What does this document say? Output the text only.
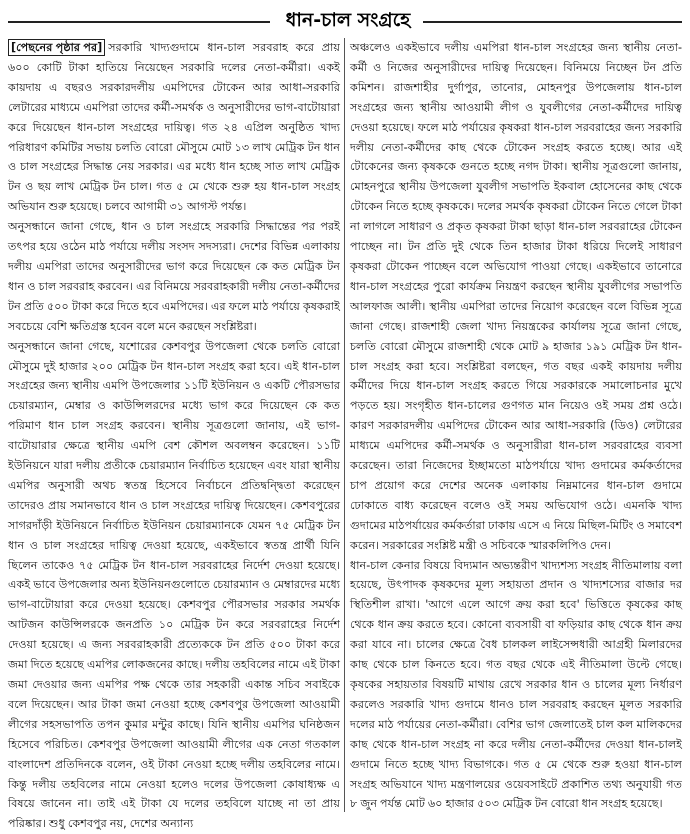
ধান-চাল সংগ্রহে

[পেছনের পৃষ্ঠার পর] সরকারি খাদ্যগুদামে ধান-চাল সরবরাহ করে প্রায় ৬০০ কোটি টাকা হাতিয়ে নিয়েছেন সরকারি দলের নেতা-কর্মীরা। একই কায়দায় এ বছরও সরকারদলীয় এমপিদের টোকেন আর আধা-সরকারি লেটারের মাধ্যমে এমপিরা তাদের কর্মী-সমর্থক ও অনুসারীদের ভাগ-বাটোয়ারা করে দিয়েছেন ধান-চাল সংগ্রহের দায়িত্ব। গত ২৪ এপ্রিল অনুষ্ঠিত খাদ্য পরিধারণ কমিটির সভায় চলতি বোরো মৌসুমে মোট ১৩ লাখ মেট্রিক টন ধান ও চাল সংগ্রহের সিদ্ধান্ত নেয় সরকার। এর মধ্যে ধান হচ্ছে সাত লাখ মেট্রিক টন ও ছয় লাখ মেট্রিক টন চাল। গত ৫ মে থেকে শুরু হয় ধান-চাল সংগ্রহ অভিযান শুরু হয়েছে। চলবে আগামী ৩১ আগস্ট পর্যন্ত।

অনুসন্ধানে জানা গেছে, ধান ও চাল সংগ্রহে সরকারি সিদ্ধান্তের পর পরই তৎপর হয়ে ওঠেন মাঠ পর্যায়ে দলীয় সংসদ সদস্যরা। দেশের বিভিন্ন এলাকায় দলীয় এমপিরা তাদের অনুসারীদের ভাগ করে দিয়েছেন কে কত মেট্রিক টন ধান ও চাল সরবরাহ করবেন। এর বিনিময়ে সরবরাহকারী দলীয় নেতা-কর্মীদের টন প্রতি ৫০০ টাকা করে দিতে হবে এমপিদের। এর ফলে মাঠ পর্যায়ে কৃষকরাই সবচেয়ে বেশি ক্ষতিগ্রস্ত হবেন বলে মনে করছেন সংশ্লিষ্টরা।

অনুসন্ধানে জানা গেছে, যশোরের কেশবপুর উপজেলা থেকে চলতি বোরো মৌসুমে দুই হাজার ২০০ মেট্রিক টন ধান-চাল সংগ্রহ করা হবে। এই ধান-চাল সংগ্রহের জন্য স্থানীয় এমপি উপজেলার ১১টি ইউনিয়ন ও একটি পৌরসভার চেয়ারম্যান, মেম্বার ও কাউন্সিলরদের মধ্যে ভাগ করে দিয়েছেন কে কত পরিমাণ ধান চাল সংগ্রহ করবেন। স্থানীয় সূত্রগুলো জানায়, এই ভাগ-বাটোয়ারার ক্ষেত্রে স্থানীয় এমপি বেশ কৌশল অবলম্বন করেছেন। ১১টি ইউনিয়নে যারা দলীয় প্রতীকে চেয়ারম্যান নির্বাচিত হয়েছেন এবং যারা স্থানীয় এমপির অনুসারী অথচ স্বতন্ত্র হিসেবে নির্বাচনে প্রতিদ্বন্দ্বিতা করেছেন তাদেরও প্রায় সমানভাবে ধান ও চাল সংগ্রহের দায়িত্ব দিয়েছেন। কেশবপুরের সাগরদাঁড়ী ইউনিয়নে নির্বাচিত ইউনিয়ন চেয়ারম্যানকে যেমন ৭৫ মেট্রিক টন ধান ও চাল সংগ্রহের দায়িত্ব দেওয়া হয়েছে, একইভাবে স্বতন্ত্র প্রার্থী যিনি ছিলেন তাকেও ৭৫ মেট্রিক টন ধান-চাল সরবরাহের নির্দেশ দেওয়া হয়েছে। একই ভাবে উপজেলার অন্য ইউনিয়নগুলোতে চেয়ারম্যান ও মেম্বারদের মধ্যে ভাগ-বাটোয়ারা করে দেওয়া হয়েছে। কেশবপুর পৌরসভার সরকার সমর্থক আটজন কাউন্সিলরকে জনপ্রতি ১০ মেট্রিক টন করে সরবরাহের নির্দেশ দেওয়া হয়েছে। এ জন্য সরবরাহকারী প্রত্যেককে টন প্রতি ৫০০ টাকা করে জমা দিতে হয়েছে এমপির লোকজনের কাছে। দলীয় তহবিলের নামে এই টাকা জমা দেওয়ার জন্য এমপির পক্ষ থেকে তার সহকারী একান্ত সচিব সবাইকে বলে দিয়েছেন। আর টাকা জমা নেওয়া হচ্ছে কেশবপুর উপজেলা আওয়ামী লীগের সহসভাপতি তপন কুমার মন্টুর কাছে। যিনি স্থানীয় এমপির ঘনিষ্ঠজন হিসেবে পরিচিত। কেশবপুর উপজেলা আওয়ামী লীগের এক নেতা গতকাল বাংলাদেশ প্রতিদিনকে বলেন, ওই টাকা নেওয়া হচ্ছে দলীয় তহবিলের নামে। কিন্তু দলীয় তহবিলের নামে নেওয়া হলেও দলের উপজেলা কোষাধ্যক্ষ এ বিষয়ে জানেন না। তাই এই টাকা যে দলের তহবিলে যাচ্ছে না তা প্রায় পরিষ্কার। শুধু কেশবপুর নয়, দেশের অন্যান্য

অঞ্চলেও একইভাবে দলীয় এমপিরা ধান-চাল সংগ্রহের জন্য স্থানীয় নেতা-কর্মী ও নিজের অনুসারীদের দায়িত্ব দিয়েছেন। বিনিময়ে নিচ্ছেন টন প্রতি কমিশন। রাজশাহীর দুর্গাপুর, তানোর, মোহনপুর উপজেলায় ধান-চাল সংগ্রহের জন্য স্থানীয় আওয়ামী লীগ ও যুবলীগের নেতা-কর্মীদের দায়িত্ব দেওয়া হয়েছে। ফলে মাঠ পর্যায়ের কৃষকরা ধান-চাল সরবরাহের জন্য সরকারি দলীয় নেতা-কর্মীদের কাছ থেকে টোকেন সংগ্রহ করতে হচ্ছে। আর এই টোকেনের জন্য কৃষককে গুনতে হচ্ছে নগদ টাকা। স্থানীয় সূত্রগুলো জানায়, মোহনপুরে স্থানীয় উপজেলা যুবলীগ সভাপতি ইকবাল হোসেনের কাছ থেকে টোকেন নিতে হচ্ছে কৃষককে। দলের সমর্থক কৃষকরা টোকেন নিতে গেলে টাকা না লাগলে সাধারণ ও প্রকৃত কৃষকরা টাকা ছাড়া ধান-চাল সরবরাহের টোকেন পাচ্ছেন না। টন প্রতি দুই থেকে তিন হাজার টাকা ধরিয়ে দিলেই সাধারণ কৃষকরা টোকেন পাচ্ছেন বলে অভিযোগ পাওয়া গেছে। একইভাবে তানোরে ধান-চাল সংগ্রহের পুরো কার্যক্রম নিয়ন্ত্রণ করছেন স্থানীয় যুবলীগের সভাপতি আলফাজ আলী। স্থানীয় এমপিরা তাদের নিয়োগ করেছেন বলে বিভিন্ন সূত্রে জানা গেছে। রাজশাহী জেলা খাদ্য নিয়ন্ত্রকের কার্যালয় সূত্রে জানা গেছে, চলতি বোরো মৌসুমে রাজশাহী থেকে মোট ৯ হাজার ১৯১ মেট্রিক টন ধান-চাল সংগ্রহ করা হবে। সংশ্লিষ্টরা বলছেন, গত বছর একই কায়দায় দলীয় কর্মীদের দিয়ে ধান-চাল সংগ্রহ করতে গিয়ে সরকারকে সমালোচনার মুখে পড়তে হয়। সংগৃহীত ধান-চালের গুণগত মান নিয়েও ওই সময় প্রশ্ন ওঠে। কারণ সরকারদলীয় এমপিদের টোকেন আর আধা-সরকারি (ডিও) লেটারের মাধ্যমে এমপিদের কর্মী-সমর্থক ও অনুসারীরা ধান-চাল সরবরাহের ব্যবসা করেছেন। তারা নিজেদের ইচ্ছামতো মাঠপর্যায়ে খাদ্য গুদামের কর্মকর্তাদের চাপ প্রয়োগ করে দেশের অনেক এলাকায় নিম্নমানের ধান-চাল গুদামে ঢোকাতে বাধ্য করেছেন বলেও ওই সময় অভিযোগ ওঠে। এমনকি খাদ্য গুদামের মাঠপর্যায়ের কর্মকর্তারা ঢাকায় এসে এ নিয়ে মিছিল-মিটিং ও সমাবেশ করেন। সরকারের সংশ্লিষ্ট মন্ত্রী ও সচিবকে স্মারকলিপিও দেন।

ধান-চাল কেনার বিষয়ে বিদ্যমান অভ্যন্তরীণ খাদ্যশস্য সংগ্রহ নীতিমালায় বলা হয়েছে, উৎপাদক কৃষকদের মূল্য সহায়তা প্রদান ও খাদ্যশস্যের বাজার দর স্থিতিশীল রাখা। 'আগে এলে আগে ক্রয় করা হবে' ভিত্তিতে কৃষকের কাছ থেকে ধান ক্রয় করতে হবে। কোনো ব্যবসায়ী বা ফড়িয়ার কাছ থেকে ধান ক্রয় করা যাবে না। চালের ক্ষেত্রে বৈধ চালকল লাইসেন্সধারী আগ্রহী মিলারদের কাছ থেকে চাল কিনতে হবে। গত বছর থেকে এই নীতিমালা উল্টে গেছে। কৃষকের সহায়তার বিষয়টি মাথায় রেখে সরকার ধান ও চালের মূল্য নির্ধারণ করলেও সরকারি খাদ্য গুদামে ধানও চাল সরবরাহ করছেন মূলত সরকারি দলের মাঠ পর্যায়ের নেতা-কর্মীরা। বেশির ভাগ জেলাতেই চাল কল মালিকদের কাছ থেকে ধান-চাল সংগ্রহ না করে দলীয় নেতা-কর্মীদের দেওয়া ধান-চালই গুদামে নিতে হচ্ছে খাদ্য বিভাগকে। গত ৫ মে থেকে শুরু হওয়া ধান-চাল সংগ্রহ অভিযানে খাদ্য মন্ত্রণালয়ের ওয়েবসাইটে প্রকাশিত তথ্য অনুযায়ী গত ৮ জুন পর্যন্ত মোট ৬০ হাজার ৫০৩ মেট্রিক টন বোরো ধান সংগ্রহ হয়েছে।
